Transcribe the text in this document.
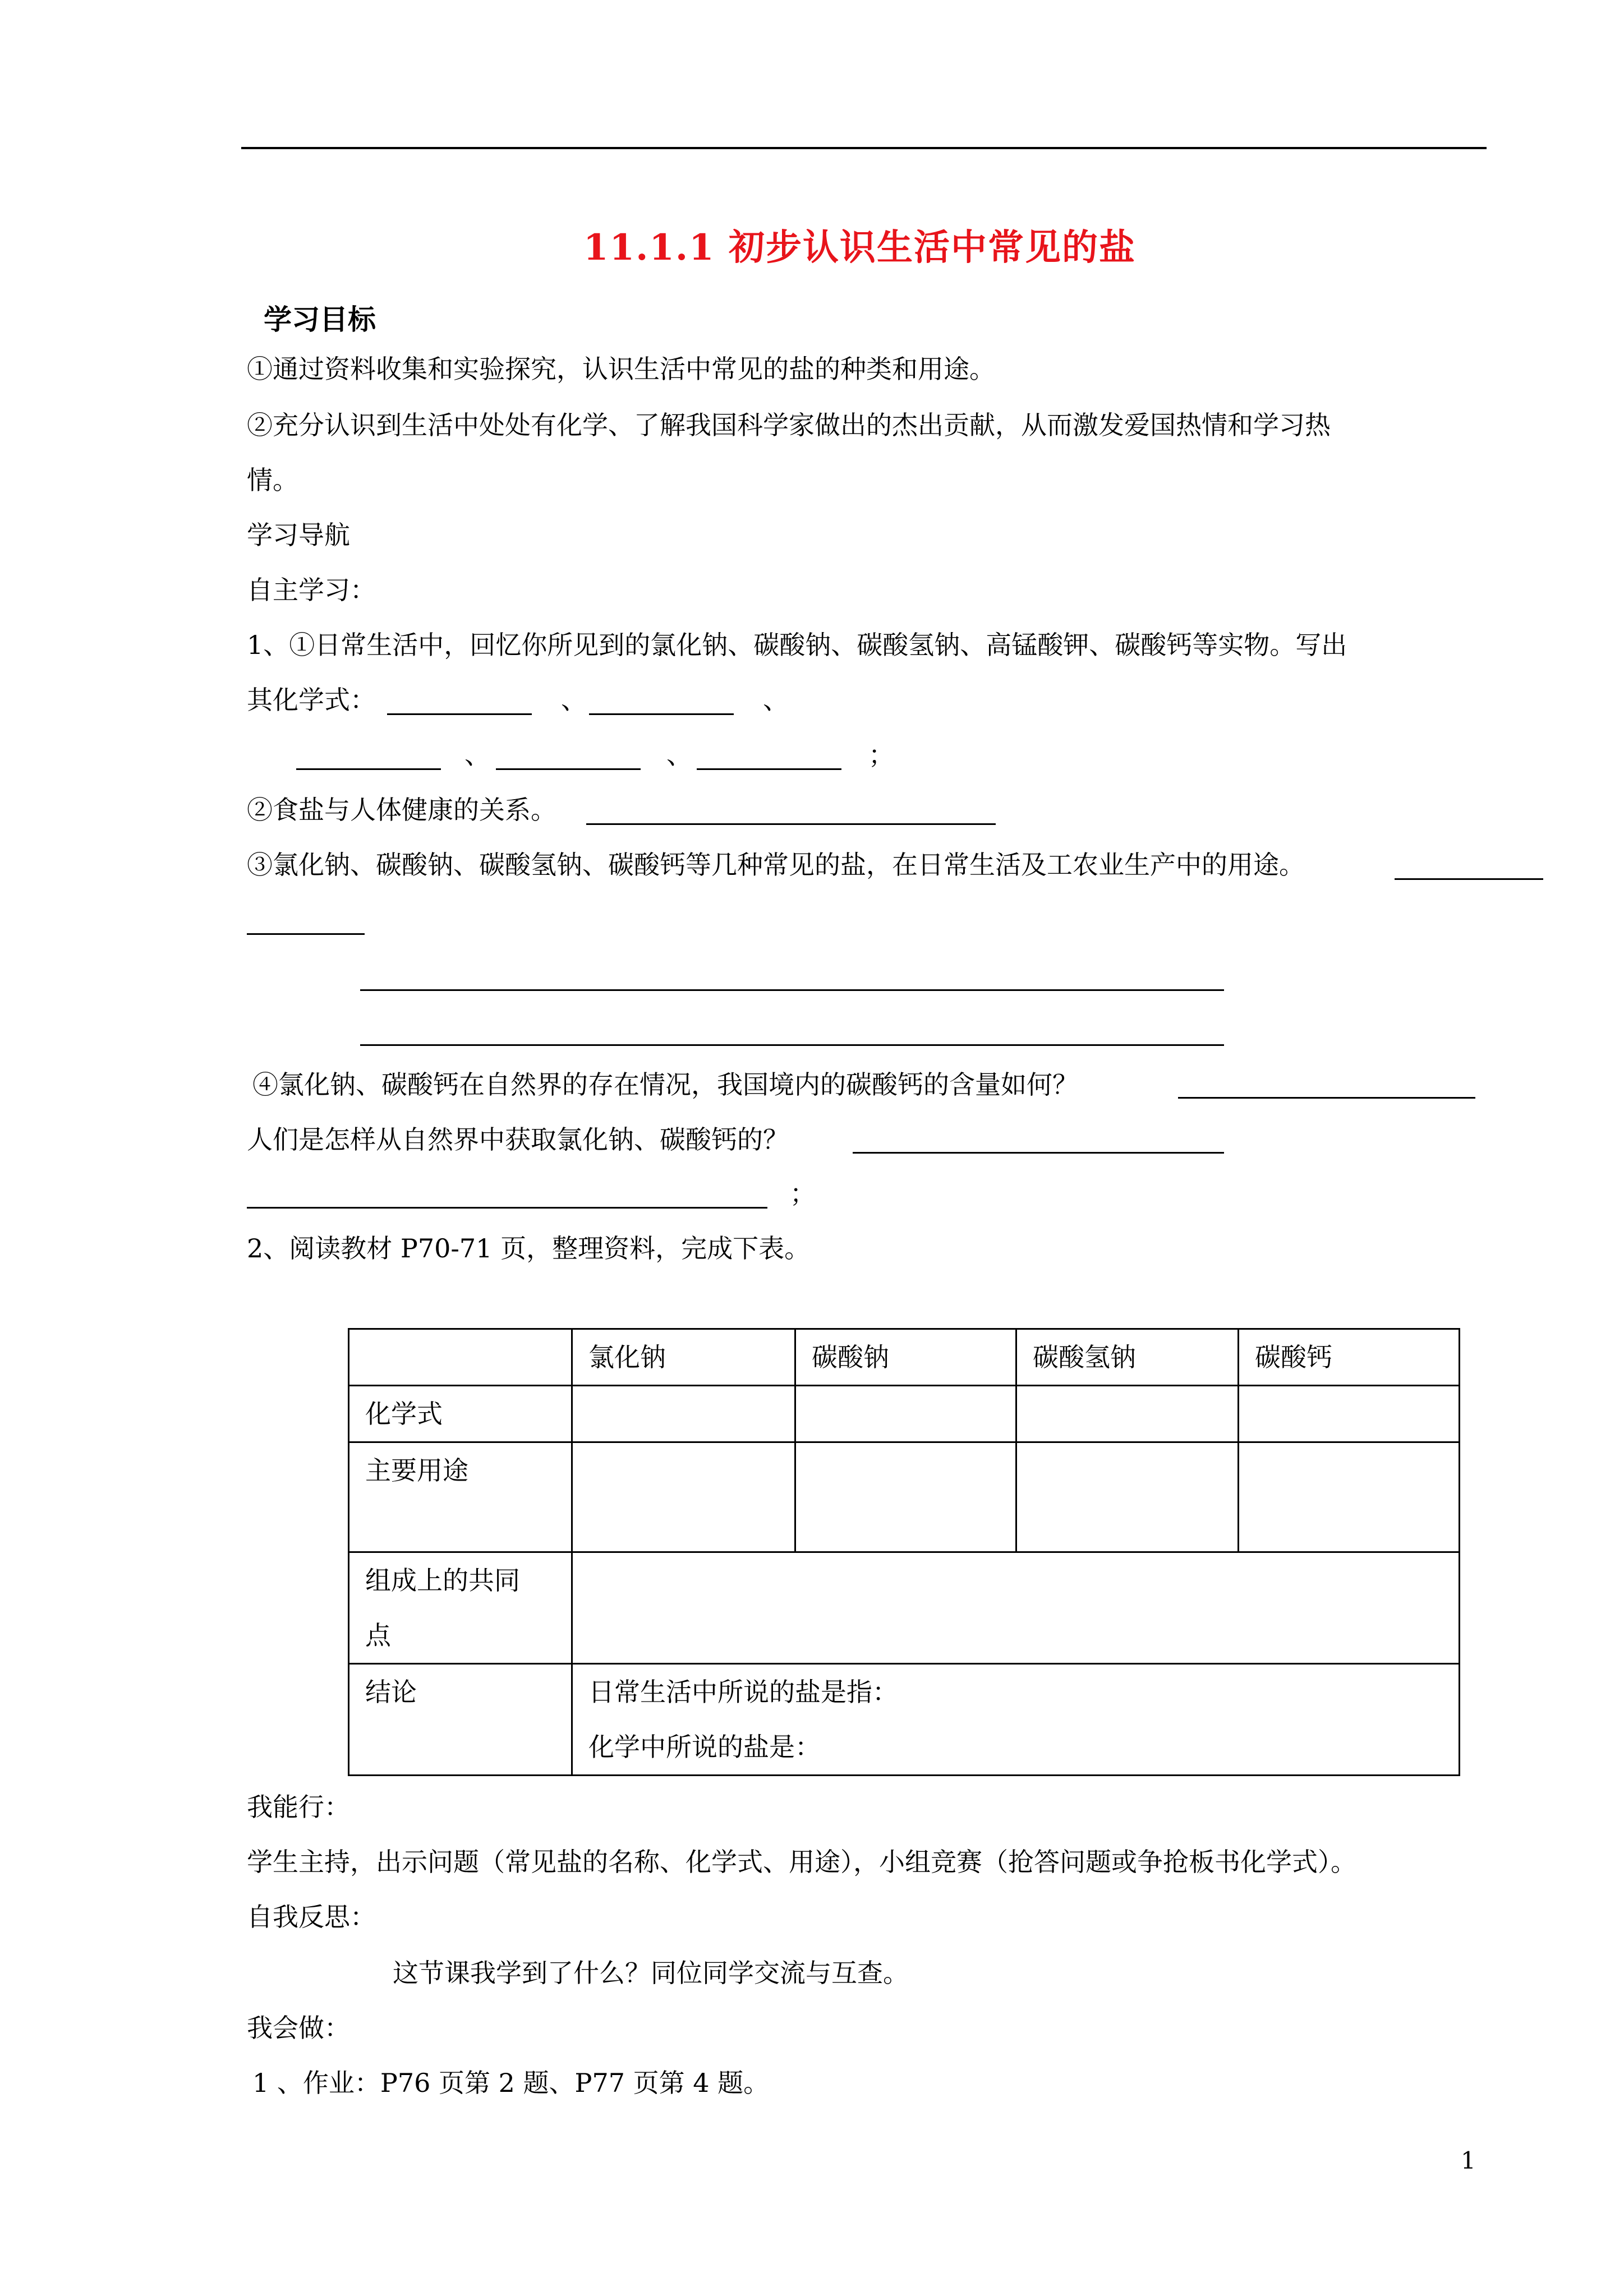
11.1.1 初步认识生活中常见的盐
学习目标
①通过资料收集和实验探究，认识生活中常见的盐的种类和用途。
②充分认识到生活中处处有化学、了解我国科学家做出的杰出贡献，从而激发爱国热情和学习热
情。
学习导航
自主学习：
1、①日常生活中，回忆你所见到的氯化钠、碳酸钠、碳酸氢钠、高锰酸钾、碳酸钙等实物。写出
其化学式：	、	、
、	、	；
②食盐与人体健康的关系。
③氯化钠、碳酸钠、碳酸氢钠、碳酸钙等几种常见的盐，在日常生活及工农业生产中的用途。
④氯化钠、碳酸钙在自然界的存在情况，我国境内的碳酸钙的含量如何？
人们是怎样从自然界中获取氯化钠、碳酸钙的？
；
2、阅读教材 P70-71 页，整理资料，完成下表。
	氯化钠	碳酸钠	碳酸氢钠	碳酸钙
化学式				
主要用途				

组成上的共同
点				

结论	日常生活中所说的盐是指：
化学中所说的盐是：			
我能行：
学生主持，出示问题（常见盐的名称、化学式、用途），小组竞赛（抢答问题或争抢板书化学式）。
自我反思：
这节课我学到了什么？同位同学交流与互查。
我会做：
1 、作业：P76 页第 2 题、P77 页第 4 题。
1
